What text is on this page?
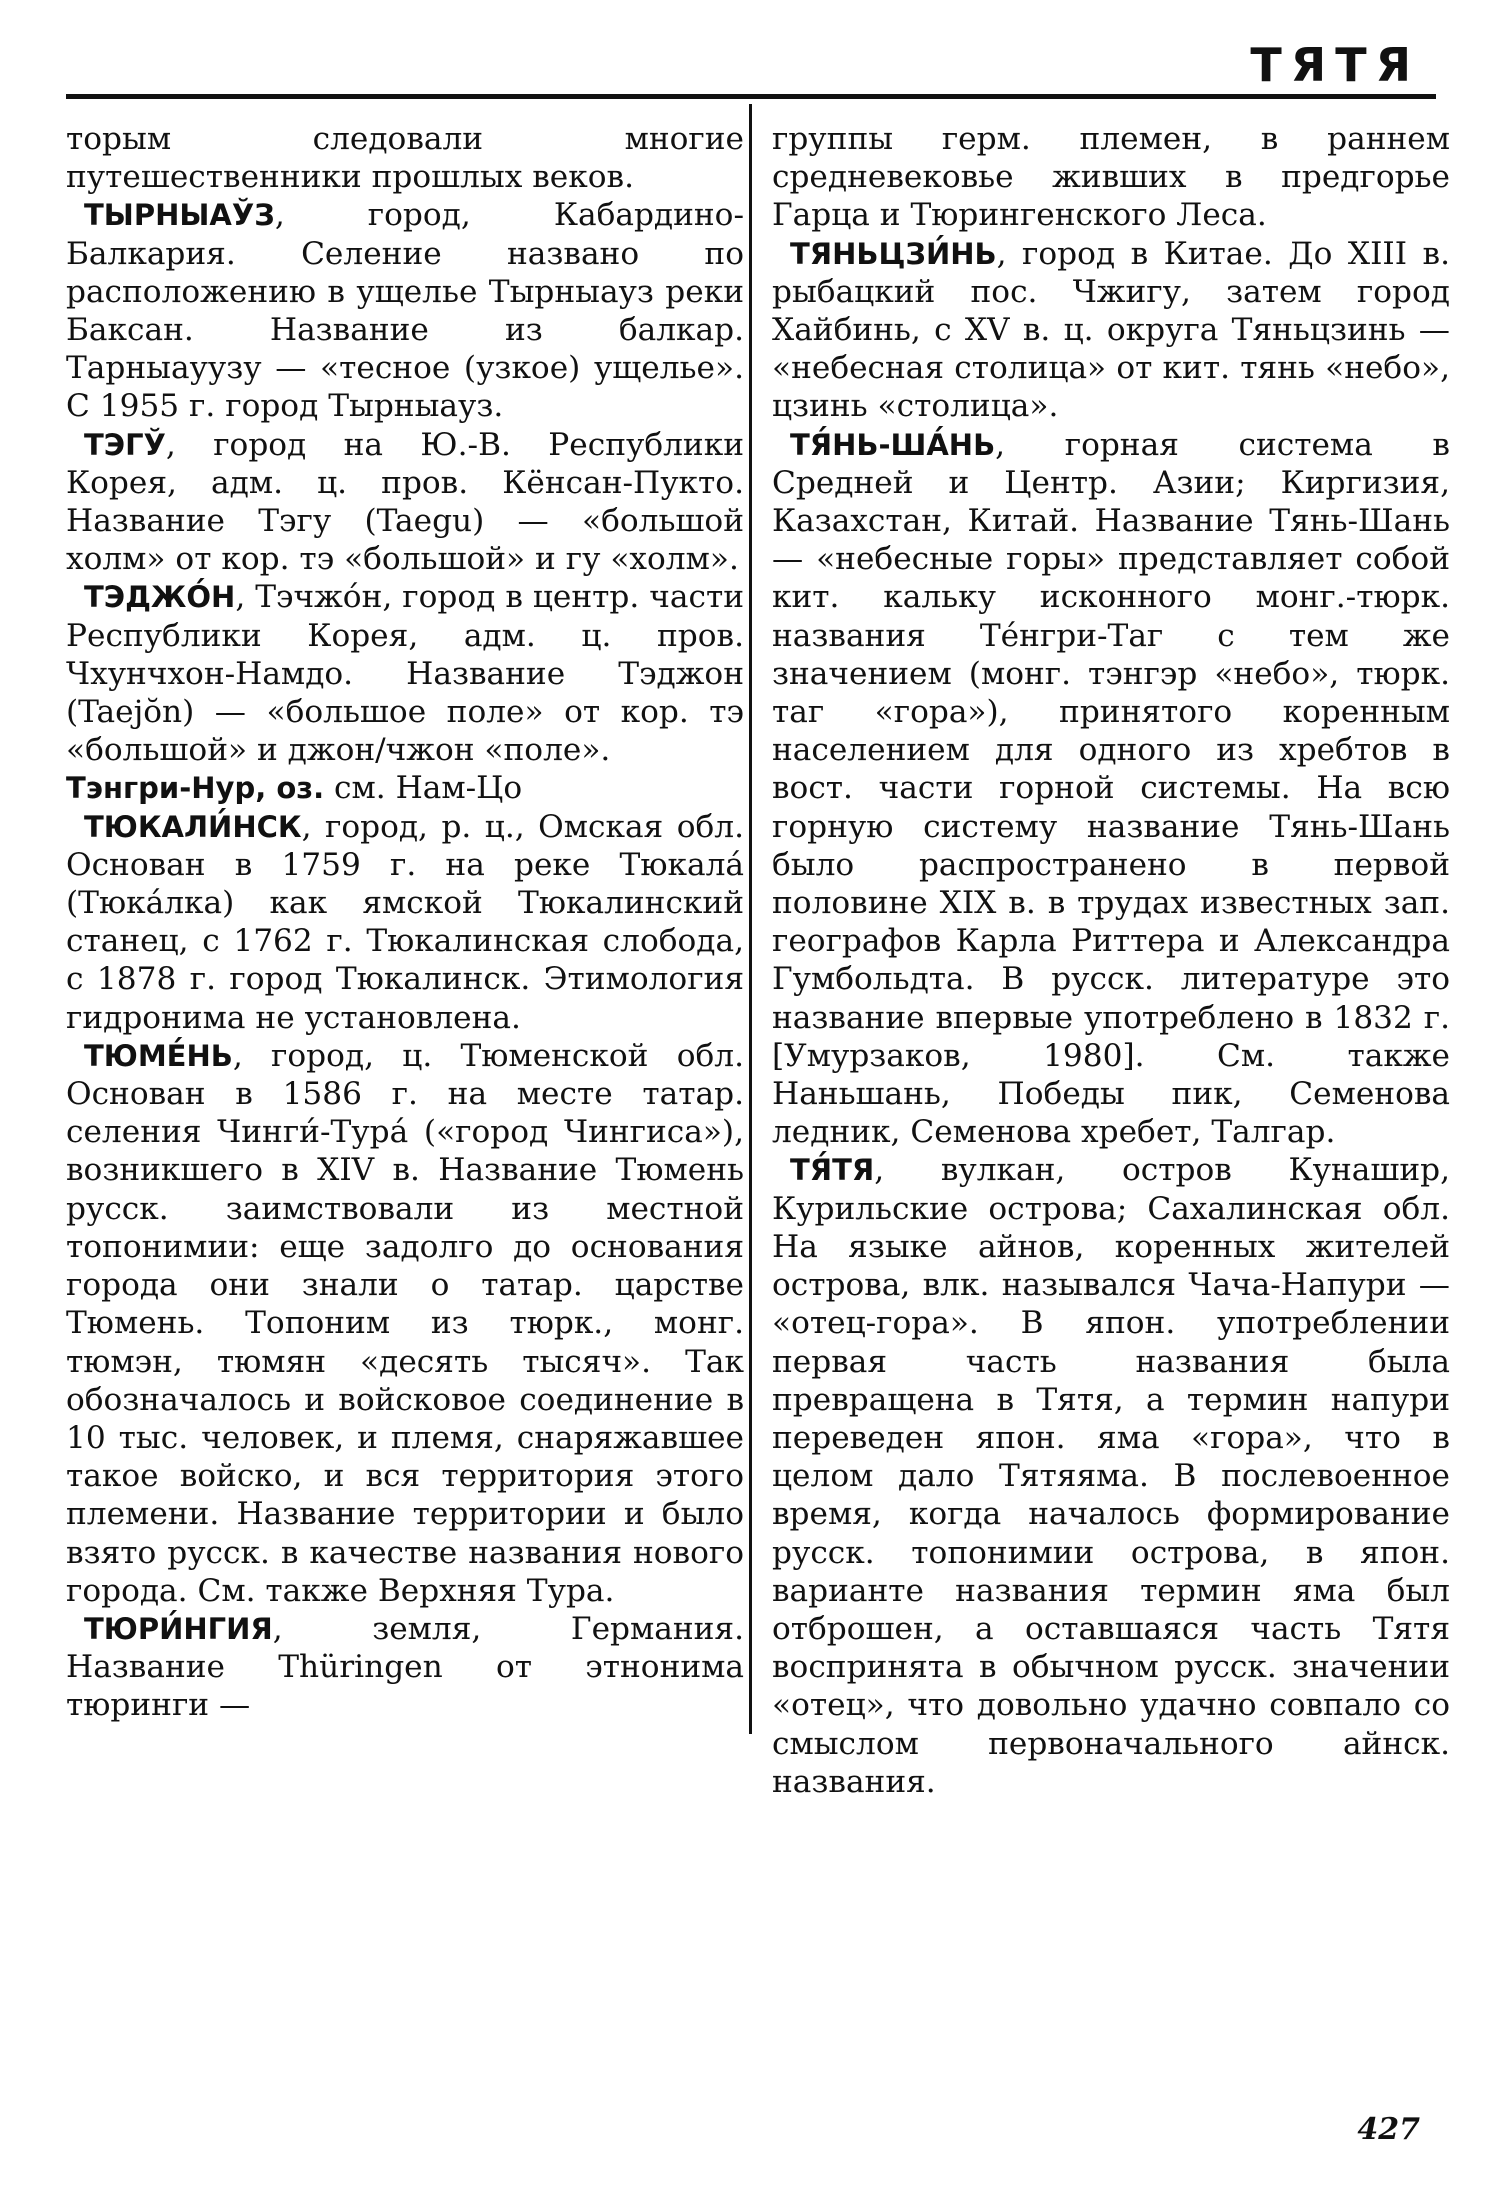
ТЯТЯ

торым следовали многие путешественники прошлых веков.

ТЫРНЫАЎЗ, город, Кабардино-Балкария. Селение названо по расположению в ущелье Тырныауз реки Баксан. Название из балкар. Тарныауузу — «тесное (узкое) ущелье». С 1955 г. город Тырныауз.

ТЭГЎ, город на Ю.-В. Республики Корея, адм. ц. пров. Кёнсан-Пукто. Название Тэгу (Taegu) — «большой холм» от кор. тэ «большой» и гу «холм».

ТЭДЖО́Н, Тэчжо́н, город в центр. части Республики Корея, адм. ц. пров. Чхунчхон-Намдо. Название Тэджон (Taejŏn) — «большое поле» от кор. тэ «большой» и джон/чжон «поле».

Тэнгри-Нур, оз. см. Нам-Цо

ТЮКАЛИ́НСК, город, р. ц., Омская обл. Основан в 1759 г. на реке Тюкала́ (Тюка́лка) как ямской Тюкалинский станец, с 1762 г. Тюкалинская слобода, с 1878 г. город Тюкалинск. Этимология гидронима не установлена.

ТЮМЕ́НЬ, город, ц. Тюменской обл. Основан в 1586 г. на месте татар. селения Чинги́-Тура́ («город Чингиса»), возникшего в XIV в. Название Тюмень русск. заимствовали из местной топонимии: еще задолго до основания города они знали о татар. царстве Тюмень. Топоним из тюрк., монг. тюмэн, тюмян «десять тысяч». Так обозначалось и войсковое соединение в 10 тыс. человек, и племя, снаряжавшее такое войско, и вся территория этого племени. Название территории и было взято русск. в качестве названия нового города. См. также Верхняя Тура.

ТЮРИ́НГИЯ, земля, Германия. Название Thüringen от этнонима тюринги —

группы герм. племен, в раннем средневековье живших в предгорье Гарца и Тюрингенского Леса.

ТЯНЬЦЗИ́НЬ, город в Китае. До XIII в. рыбацкий пос. Чжигу, затем город Хайбинь, с XV в. ц. округа Тяньцзинь — «небесная столица» от кит. тянь «небо», цзинь «столица».

ТЯ́НЬ-ША́НЬ, горная система в Средней и Центр. Азии; Киргизия, Казахстан, Китай. Название Тянь-Шань — «небесные горы» представляет собой кит. кальку исконного монг.-тюрк. названия Те́нгри-Таг с тем же значением (монг. тэнгэр «небо», тюрк. таг «гора»), принятого коренным населением для одного из хребтов в вост. части горной системы. На всю горную систему название Тянь-Шань было распространено в первой половине XIX в. в трудах известных зап. географов Карла Риттера и Александра Гумбольдта. В русск. литературе это название впервые употреблено в 1832 г. [Умурзаков, 1980]. См. также Наньшань, Победы пик, Семенова ледник, Семенова хребет, Талгар.

ТЯ́ТЯ, вулкан, остров Кунашир, Курильские острова; Сахалинская обл. На языке айнов, коренных жителей острова, влк. назывался Чача-Напури — «отец-гора». В япон. употреблении первая часть названия была превращена в Тятя, а термин напури переведен япон. яма «гора», что в целом дало Тятяяма. В послевоенное время, когда началось формирование русск. топонимии острова, в япон. варианте названия термин яма был отброшен, а оставшаяся часть Тятя воспринята в обычном русск. значении «отец», что довольно удачно совпало со смыслом первоначального айнск. названия.

427
